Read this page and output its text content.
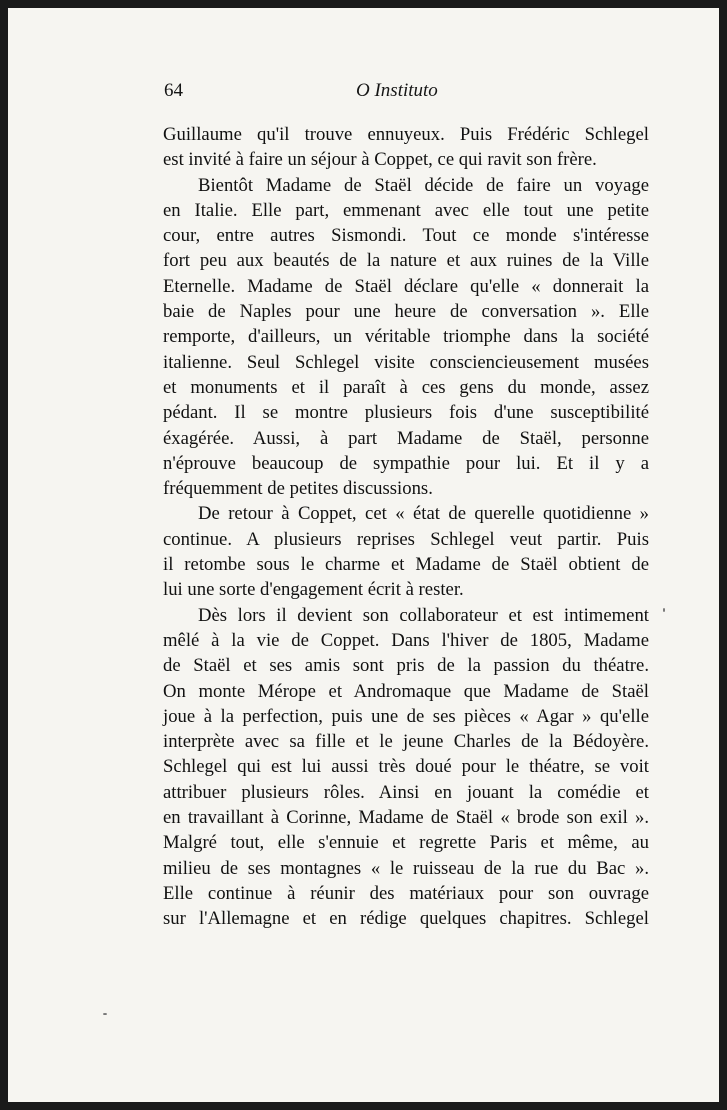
64	O Instituto
Guillaume qu'il trouve ennuyeux. Puis Frédéric Schlegel
est invité à faire un séjour à Coppet, ce qui ravit son frère.
Bientôt Madame de Staël décide de faire un voyage
en Italie. Elle part, emmenant avec elle tout une petite
cour, entre autres Sismondi. Tout ce monde s'intéresse
fort peu aux beautés de la nature et aux ruines de la Ville
Eternelle. Madame de Staël déclare qu'elle « donnerait la
baie de Naples pour une heure de conversation ». Elle
remporte, d'ailleurs, un véritable triomphe dans la société
italienne. Seul Schlegel visite consciencieusement musées
et monuments et il paraît à ces gens du monde, assez
pédant. Il se montre plusieurs fois d'une susceptibilité
éxagérée. Aussi, à part Madame de Staël, personne
n'éprouve beaucoup de sympathie pour lui. Et il y a
fréquemment de petites discussions.
De retour à Coppet, cet « état de querelle quotidienne »
continue. A plusieurs reprises Schlegel veut partir. Puis
il retombe sous le charme et Madame de Staël obtient de
lui une sorte d'engagement écrit à rester.
Dès lors il devient son collaborateur et est intimement
mêlé à la vie de Coppet. Dans l'hiver de 1805, Madame
de Staël et ses amis sont pris de la passion du théatre.
On monte Mérope et Andromaque que Madame de Staël
joue à la perfection, puis une de ses pièces « Agar » qu'elle
interprète avec sa fille et le jeune Charles de la Bédoyère.
Schlegel qui est lui aussi très doué pour le théatre, se voit
attribuer plusieurs rôles. Ainsi en jouant la comédie et
en travaillant à Corinne, Madame de Staël « brode son exil ».
Malgré tout, elle s'ennuie et regrette Paris et même, au
milieu de ses montagnes « le ruisseau de la rue du Bac ».
Elle continue à réunir des matériaux pour son ouvrage
sur l'Allemagne et en rédige quelques chapitres. Schlegel
